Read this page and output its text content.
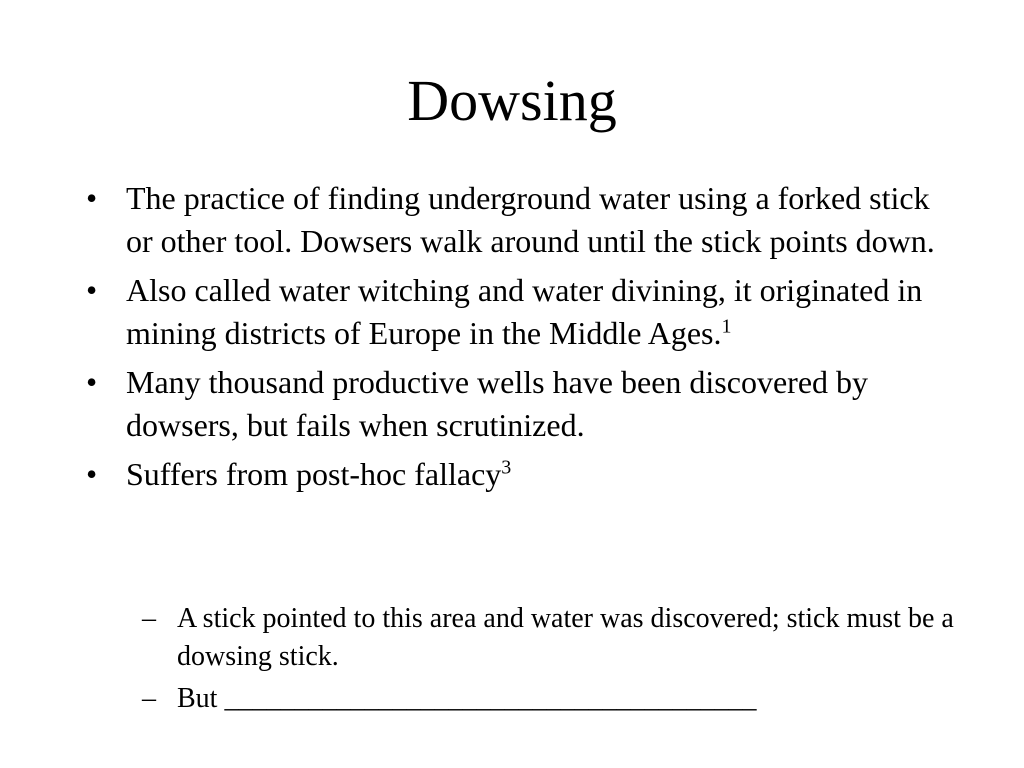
Dowsing
• The practice of finding underground water using a forked stick or other tool. Dowsers walk around until the stick points down.
• Also called water witching and water divining, it originated in mining districts of Europe in the Middle Ages.$^1$
• Many thousand productive wells have been discovered by dowsers, but fails when scrutinized.
• Suffers from post-hoc fallacy$^3$
– A stick pointed to this area and water was discovered; stick must be a dowsing stick.
– But ______________________________________
